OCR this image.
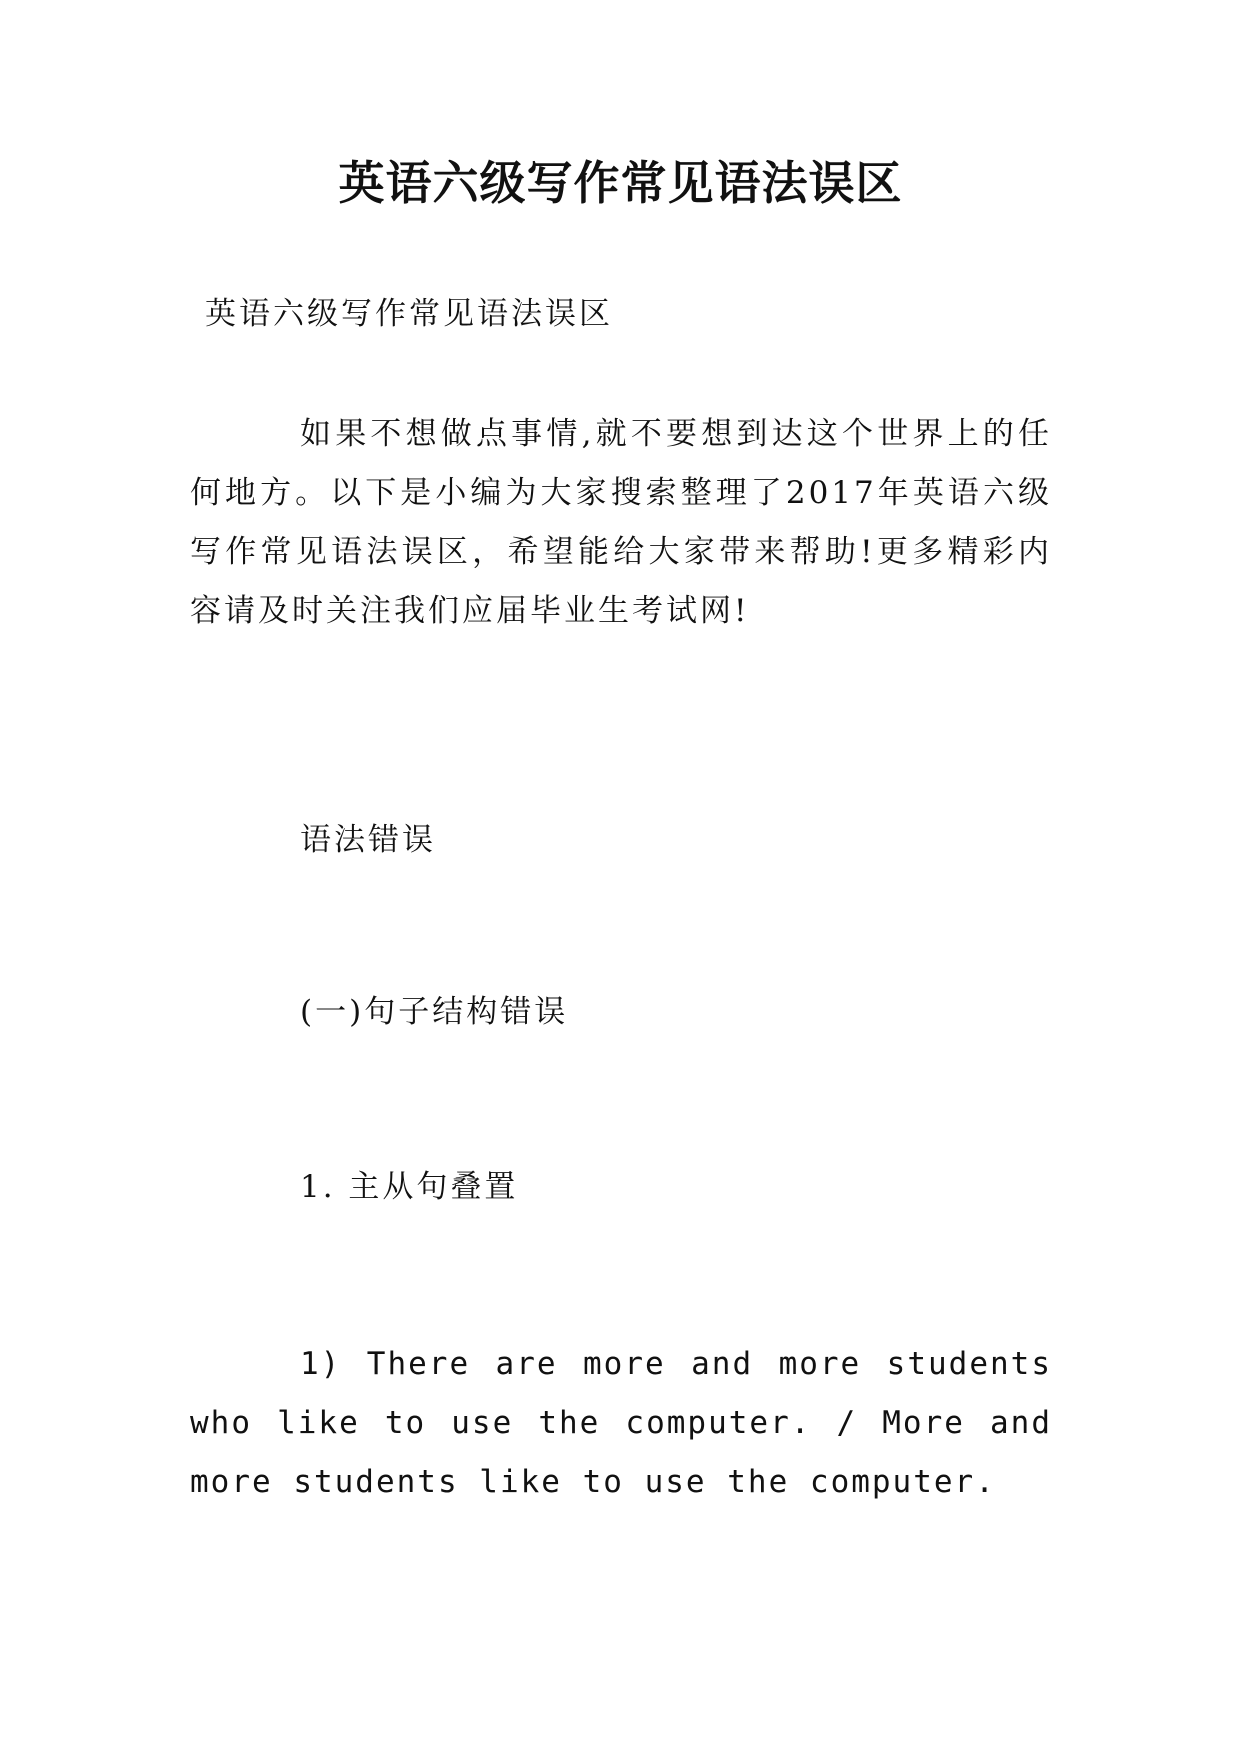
英语六级写作常见语法误区

英语六级写作常见语法误区

如果不想做点事情,就不要想到达这个世界上的任何地方。以下是小编为大家搜索整理了2017年英语六级写作常见语法误区，希望能给大家带来帮助!更多精彩内容请及时关注我们应届毕业生考试网!

语法错误

(一)句子结构错误

1. 主从句叠置

1) There are more and more students who like to use the computer. / More and more students like to use the computer.
